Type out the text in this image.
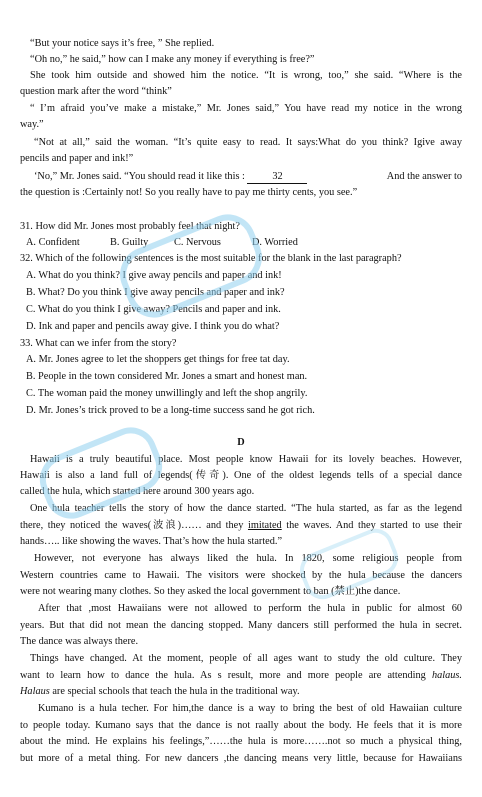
“But your notice says it’s free, ” She replied.
“Oh no,” he said,” how can I make any money if everything is free?”
She took him outside and showed him the notice. “It is wrong, too,” she said. “Where is the
question mark after the word “think”
“ I’m afraid you’ve make a mistake,” Mr. Jones said,” You have read my notice in the wrong
way.”
“Not at all,” said the woman. “It’s quite easy to read. It says:What do you think? Igive away
pencils and paper and ink!”
‘No,” Mr. Jones said. “You should read it like this :	32	And the answer to
the question is :Certainly not! So you really have to pay me thirty cents, you see.”
31. How did Mr. Jones most probably feel that night?
A. Confident	B. Guilty C. Nervous	D. Worried
32. Which of the following sentences is the most suitable for the blank in the last paragraph?
A. What do you think? I give away pencils and paper and ink!
B. What? Do you think I give away pencils and paper and ink?
C. What do you think I give away? Pencils and paper and ink.
D. Ink and paper and pencils away give. I think you do what?
33. What can we infer from the story?
A. Mr. Jones agree to let the shoppers get things for free tat day.
B. People in the town considered Mr. Jones a smart and honest man.
C. The woman paid the money unwillingly and left the shop angrily.
D. Mr. Jones’s trick proved to be a long-time success sand he got rich.
D
Hawaii is a truly beautiful place. Most people know Hawaii for its lovely beaches. However,
Hawaii is also a land full of legends(传奇). One of the oldest legends tells of a special dance
called the hula, which started here around 300 years ago.
One hula teacher tells the story of how the dance started. “The hula started, as far as the legend
there, they noticed the waves(波浪)…… and they imitated the waves. And they started to use their
hands….. like showing the waves. That’s how the hula started.”
However, not everyone has always liked the hula. In 1820, some religious people from
Western countries came to Hawaii. The visitors were shocked by the hula because the dancers
were not wearing many clothes. So they asked the local government to ban (禁止)the dance.
After that ,most Hawaiians were not allowed to perform the hula in public for almost 60
years. But that did not mean the dancing stopped. Many dancers still performed the hula in secret.
The dance was always there.
Things have changed. At the moment, people of all ages want to study the old culture. They
want to learn how to dance the hula. As s result, more and more people are attending halaus.
Halaus are special schools that teach the hula in the traditional way.
Kumano is a hula techer. For him,the dance is a way to bring the best of old Hawaiian culture
to people today. Kumano says that the dance is not raally about the body. He feels that it is more
about the mind. He explains his feelings,”……the hula is more…….not so much a physical thing,
but more of a metal thing. For new dancers ,the dancing means very little, because for Hawaiians
